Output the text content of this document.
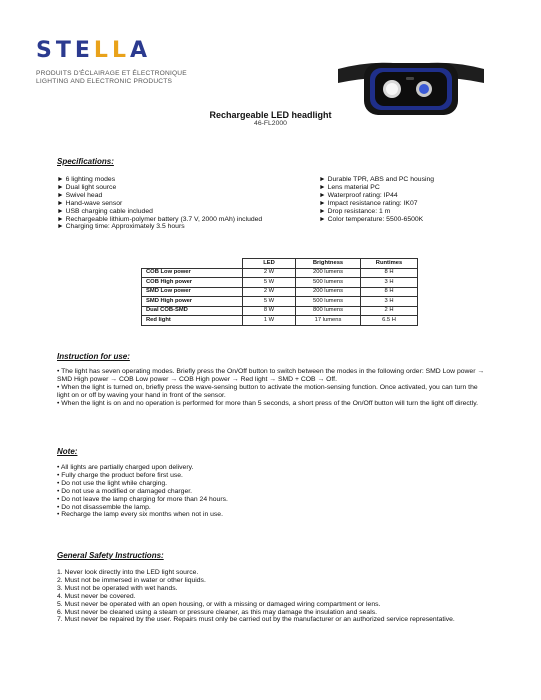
S T E L L A
PRODUITS D'ÉCLAIRAGE ET ÉLECTRONIQUE
LIGHTING AND ELECTRONIC PRODUCTS
Rechargeable LED headlight
46-FL2000
Specifications:
► 6 lighting modes
► Dual light source
► Swivel head
► Hand-wave sensor
► USB charging cable included
► Rechargeable lithium-polymer battery (3.7 V, 2000 mAh) included
► Charging time: Approximately 3.5 hours
► Durable TPR, ABS and PC housing
► Lens material PC
► Waterproof rating: IP44
► Impact resistance rating: IK07
► Drop resistance: 1 m
► Color temperature: 5500-6500K
	LED	Brightness	Runtimes
COB Low power	2 W	200 lumens	8 H
COB High power	5 W	500 lumens	3 H
SMD Low power	2 W	200 lumens	8 H
SMD High power	5 W	500 lumens	3 H
Dual COB-SMD	8 W	800 lumens	2 H
Red light	1 W	17 lumens	6.5 H
Instruction for use:

• The light has seven operating modes. Briefly press the On/Off button to switch between the modes in the following order: SMD Low power → SMD High power → COB Low power → COB High power → Red light → SMD + COB → Off.

• When the light is turned on, briefly press the wave-sensing button to activate the motion-sensing function. Once activated, you can turn the light on or off by waving your hand in front of the sensor.

• When the light is on and no operation is performed for more than 5 seconds, a short press of the On/Off button will turn the light off directly.

Note:
• All lights are partially charged upon delivery.
• Fully charge the product before first use.
• Do not use the light while charging.
• Do not use a modified or damaged charger.
• Do not leave the lamp charging for more than 24 hours.
• Do not disassemble the lamp.
• Recharge the lamp every six months when not in use.
General Safety Instructions:

1. Never look directly into the LED light source.

2. Must not be immersed in water or other liquids.

3. Must not be operated with wet hands.

4. Must never be covered.

5. Must never be operated with an open housing, or with a missing or damaged wiring compartment or lens.

6. Must never be cleaned using a steam or pressure cleaner, as this may damage the insulation and seals.

7. Must never be repaired by the user. Repairs must only be carried out by the manufacturer or an authorized service representative.
